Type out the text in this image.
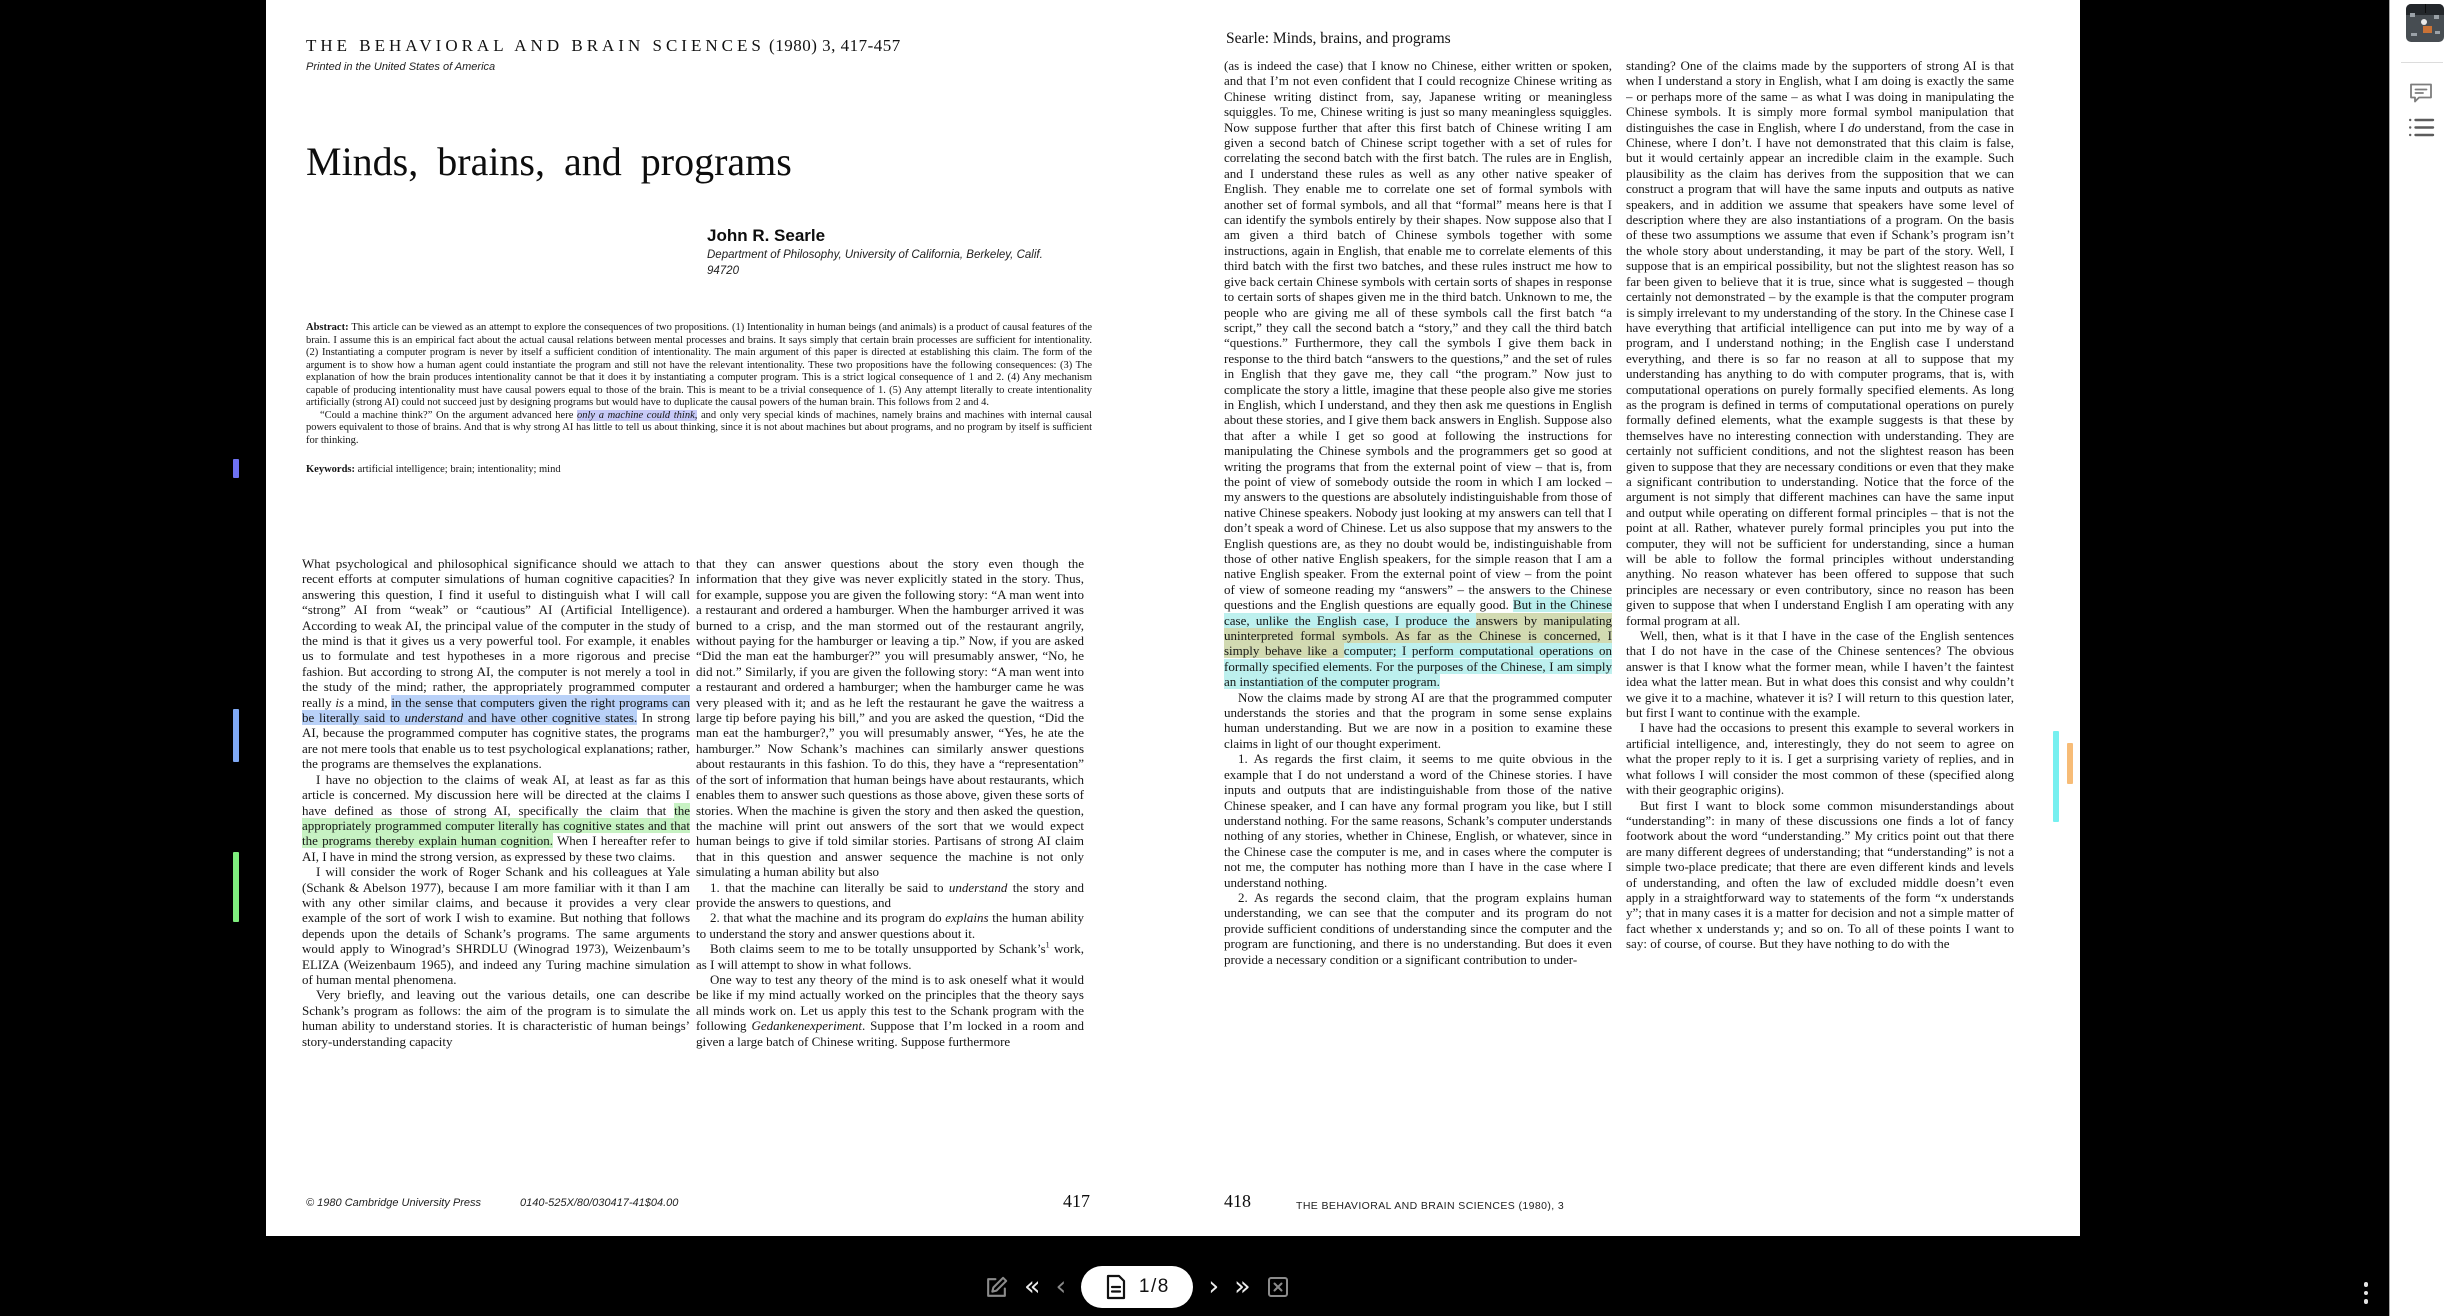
THE BEHAVIORAL AND BRAIN SCIENCES (1980) 3, 417-457
Printed in the United States of America
Minds, brains, and programs
John R. Searle
Department of Philosophy, University of California, Berkeley, Calif.
94720

Abstract: This article can be viewed as an attempt to explore the consequences of two propositions. (1) Intentionality in human beings (and animals) is a product of causal features of the brain. I assume this is an empirical fact about the actual causal relations between mental processes and brains. It says simply that certain brain processes are sufficient for intentionality. (2) Instantiating a computer program is never by itself a sufficient condition of intentionality. The main argument of this paper is directed at establishing this claim. The form of the argument is to show how a human agent could instantiate the program and still not have the relevant intentionality. These two propositions have the following consequences: (3) The explanation of how the brain produces intentionality cannot be that it does it by instantiating a computer program. This is a strict logical consequence of 1 and 2. (4) Any mechanism capable of producing intentionality must have causal powers equal to those of the brain. This is meant to be a trivial consequence of 1. (5) Any attempt literally to create intentionality artificially (strong AI) could not succeed just by designing programs but would have to duplicate the causal powers of the human brain. This follows from 2 and 4.

“Could a machine think?” On the argument advanced here only a machine could think, and only very special kinds of machines, namely brains and machines with internal causal powers equivalent to those of brains. And that is why strong AI has little to tell us about thinking, since it is not about machines but about programs, and no program by itself is sufficient for thinking.

Keywords: artificial intelligence; brain; intentionality; mind

What psychological and philosophical significance should we attach to recent efforts at computer simulations of human cognitive capacities? In answering this question, I find it useful to distinguish what I will call “strong” AI from “weak” or “cautious” AI (Artificial Intelligence). According to weak AI, the principal value of the computer in the study of the mind is that it gives us a very powerful tool. For example, it enables us to formulate and test hypotheses in a more rigorous and precise fashion. But according to strong AI, the computer is not merely a tool in the study of the mind; rather, the appropriately programmed computer really is a mind, in the sense that computers given the right programs can be literally said to understand and have other cognitive states. In strong AI, because the programmed computer has cognitive states, the programs are not mere tools that enable us to test psychological explanations; rather, the programs are themselves the explanations.

I have no objection to the claims of weak AI, at least as far as this article is concerned. My discussion here will be directed at the claims I have defined as those of strong AI, specifically the claim that the appropriately programmed computer literally has cognitive states and that the programs thereby explain human cognition. When I hereafter refer to AI, I have in mind the strong version, as expressed by these two claims.

I will consider the work of Roger Schank and his colleagues at Yale (Schank & Abelson 1977), because I am more familiar with it than I am with any other similar claims, and because it provides a very clear example of the sort of work I wish to examine. But nothing that follows depends upon the details of Schank’s programs. The same arguments would apply to Winograd’s SHRDLU (Winograd 1973), Weizenbaum’s ELIZA (Weizenbaum 1965), and indeed any Turing machine simulation of human mental phenomena.

Very briefly, and leaving out the various details, one can describe Schank’s program as follows: the aim of the program is to simulate the human ability to understand stories. It is characteristic of human beings’ story-understanding capacity

that they can answer questions about the story even though the information that they give was never explicitly stated in the story. Thus, for example, suppose you are given the following story: “A man went into a restaurant and ordered a hamburger. When the hamburger arrived it was burned to a crisp, and the man stormed out of the restaurant angrily, without paying for the hamburger or leaving a tip.” Now, if you are asked “Did the man eat the hamburger?” you will presumably answer, “No, he did not.” Similarly, if you are given the following story: “A man went into a restaurant and ordered a hamburger; when the hamburger came he was very pleased with it; and as he left the restaurant he gave the waitress a large tip before paying his bill,” and you are asked the question, “Did the man eat the hamburger?,” you will presumably answer, “Yes, he ate the hamburger.” Now Schank’s machines can similarly answer questions about restaurants in this fashion. To do this, they have a “representation” of the sort of information that human beings have about restaurants, which enables them to answer such questions as those above, given these sorts of stories. When the machine is given the story and then asked the question, the machine will print out answers of the sort that we would expect human beings to give if told similar stories. Partisans of strong AI claim that in this question and answer sequence the machine is not only simulating a human ability but also

1. that the machine can literally be said to understand the story and provide the answers to questions, and

2. that what the machine and its program do explains the human ability to understand the story and answer questions about it.

Both claims seem to me to be totally unsupported by $Schank’s^1$ work, as I will attempt to show in what follows.

One way to test any theory of the mind is to ask oneself what it would be like if my mind actually worked on the principles that the theory says all minds work on. Let us apply this test to the Schank program with the following Gedankenexperiment. Suppose that I’m locked in a room and given a large batch of Chinese writing. Suppose furthermore

Searle: Minds, brains, and programs

(as is indeed the case) that I know no Chinese, either written or spoken, and that I’m not even confident that I could recognize Chinese writing as Chinese writing distinct from, say, Japanese writing or meaningless squiggles. To me, Chinese writing is just so many meaningless squiggles. Now suppose further that after this first batch of Chinese writing I am given a second batch of Chinese script together with a set of rules for correlating the second batch with the first batch. The rules are in English, and I understand these rules as well as any other native speaker of English. They enable me to correlate one set of formal symbols with another set of formal symbols, and all that “formal” means here is that I can identify the symbols entirely by their shapes. Now suppose also that I am given a third batch of Chinese symbols together with some instructions, again in English, that enable me to correlate elements of this third batch with the first two batches, and these rules instruct me how to give back certain Chinese symbols with certain sorts of shapes in response to certain sorts of shapes given me in the third batch. Unknown to me, the people who are giving me all of these symbols call the first batch “a script,” they call the second batch a “story,” and they call the third batch “questions.” Furthermore, they call the symbols I give them back in response to the third batch “answers to the questions,” and the set of rules in English that they gave me, they call “the program.” Now just to complicate the story a little, imagine that these people also give me stories in English, which I understand, and they then ask me questions in English about these stories, and I give them back answers in English. Suppose also that after a while I get so good at following the instructions for manipulating the Chinese symbols and the programmers get so good at writing the programs that from the external point of view – that is, from the point of view of somebody outside the room in which I am locked – my answers to the questions are absolutely indistinguishable from those of native Chinese speakers. Nobody just looking at my answers can tell that I don’t speak a word of Chinese. Let us also suppose that my answers to the English questions are, as they no doubt would be, indistinguishable from those of other native English speakers, for the simple reason that I am a native English speaker. From the external point of view – from the point of view of someone reading my “answers” – the answers to the Chinese questions and the English questions are equally good. But in the Chinese case, unlike the English case, I produce the answers by manipulating uninterpreted formal symbols. As far as the Chinese is concerned, I simply behave like a computer; I perform computational operations on formally specified elements. For the purposes of the Chinese, I am simply an instantiation of the computer program.

Now the claims made by strong AI are that the programmed computer understands the stories and that the program in some sense explains human understanding. But we are now in a position to examine these claims in light of our thought experiment.

1. As regards the first claim, it seems to me quite obvious in the example that I do not understand a word of the Chinese stories. I have inputs and outputs that are indistinguishable from those of the native Chinese speaker, and I can have any formal program you like, but I still understand nothing. For the same reasons, Schank’s computer understands nothing of any stories, whether in Chinese, English, or whatever, since in the Chinese case the computer is me, and in cases where the computer is not me, the computer has nothing more than I have in the case where I understand nothing.

2. As regards the second claim, that the program explains human understanding, we can see that the computer and its program do not provide sufficient conditions of understanding since the computer and the program are functioning, and there is no understanding. But does it even provide a necessary condition or a significant contribution to under-

standing? One of the claims made by the supporters of strong AI is that when I understand a story in English, what I am doing is exactly the same – or perhaps more of the same – as what I was doing in manipulating the Chinese symbols. It is simply more formal symbol manipulation that distinguishes the case in English, where I do understand, from the case in Chinese, where I don’t. I have not demonstrated that this claim is false, but it would certainly appear an incredible claim in the example. Such plausibility as the claim has derives from the supposition that we can construct a program that will have the same inputs and outputs as native speakers, and in addition we assume that speakers have some level of description where they are also instantiations of a program. On the basis of these two assumptions we assume that even if Schank’s program isn’t the whole story about understanding, it may be part of the story. Well, I suppose that is an empirical possibility, but not the slightest reason has so far been given to believe that it is true, since what is suggested – though certainly not demonstrated – by the example is that the computer program is simply irrelevant to my understanding of the story. In the Chinese case I have everything that artificial intelligence can put into me by way of a program, and I understand nothing; in the English case I understand everything, and there is so far no reason at all to suppose that my understanding has anything to do with computer programs, that is, with computational operations on purely formally specified elements. As long as the program is defined in terms of computational operations on purely formally defined elements, what the example suggests is that these by themselves have no interesting connection with understanding. They are certainly not sufficient conditions, and not the slightest reason has been given to suppose that they are necessary conditions or even that they make a significant contribution to understanding. Notice that the force of the argument is not simply that different machines can have the same input and output while operating on different formal principles – that is not the point at all. Rather, whatever purely formal principles you put into the computer, they will not be sufficient for understanding, since a human will be able to follow the formal principles without understanding anything. No reason whatever has been offered to suppose that such principles are necessary or even contributory, since no reason has been given to suppose that when I understand English I am operating with any formal program at all.

Well, then, what is it that I have in the case of the English sentences that I do not have in the case of the Chinese sentences? The obvious answer is that I know what the former mean, while I haven’t the faintest idea what the latter mean. But in what does this consist and why couldn’t we give it to a machine, whatever it is? I will return to this question later, but first I want to continue with the example.

I have had the occasions to present this example to several workers in artificial intelligence, and, interestingly, they do not seem to agree on what the proper reply to it is. I get a surprising variety of replies, and in what follows I will consider the most common of these (specified along with their geographic origins).

But first I want to block some common misunderstandings about “understanding”: in many of these discussions one finds a lot of fancy footwork about the word “understanding.” My critics point out that there are many different degrees of understanding; that “understanding” is not a simple two-place predicate; that there are even different kinds and levels of understanding, and often the law of excluded middle doesn’t even apply in a straightforward way to statements of the form “x understands y”; that in many cases it is a matter for decision and not a simple matter of fact whether x understands y; and so on. To all of these points I want to say: of course, of course. But they have nothing to do with the

© 1980 Cambridge University Press	0140-525X/80/030417-41$04.00	417	418	THE BEHAVIORAL AND BRAIN SCIENCES (1980), 3
« ‹	1/8 › »
